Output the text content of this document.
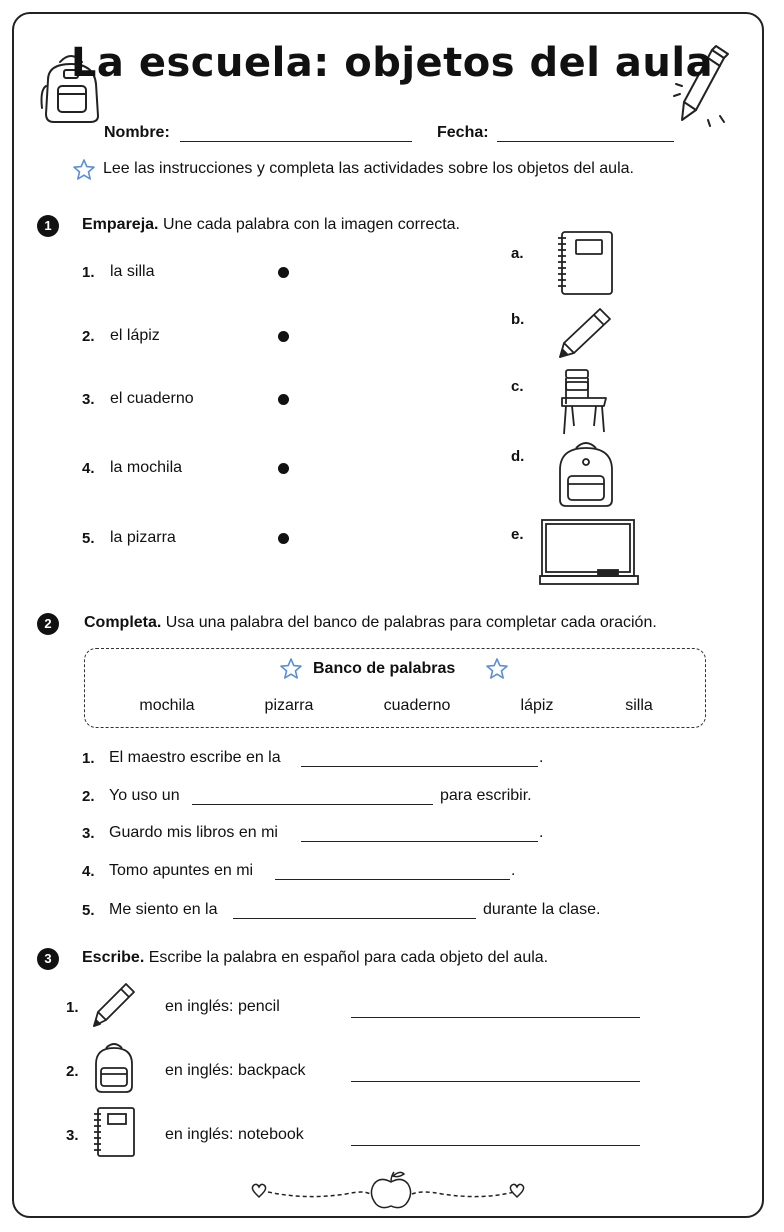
La escuela: objetos del aula
Nombre:	Fecha:
Lee las instrucciones y completa las actividades sobre los objetos del aula.
1	Empareja. Une cada palabra con la imagen correcta.
1. la silla
2. el lápiz
3. el cuaderno
4. la mochila
5. la pizarra
a.
b.
c.
d.
e.
2	Completa. Usa una palabra del banco de palabras para completar cada oración.
Banco de palabras
mochila	pizarra	cuaderno	lápiz	silla
1. El maestro escribe en la	.
2. Yo uso un	para escribir.
3. Guardo mis libros en mi	.
4. Tomo apuntes en mi	.
5. Me siento en la	durante la clase.
3	Escribe. Escribe la palabra en español para cada objeto del aula.
1.	en inglés: pencil
2.	en inglés: backpack
3.	en inglés: notebook
